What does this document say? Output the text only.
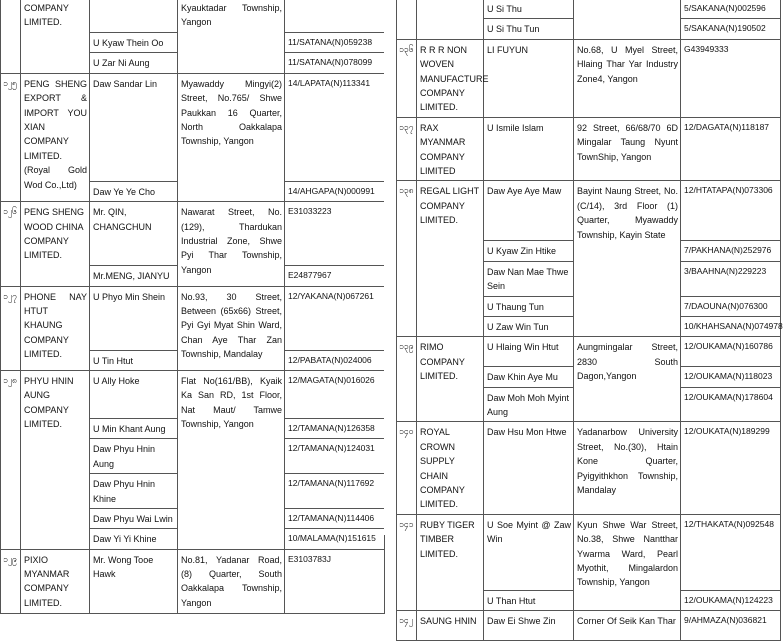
	COMPANY LIMITED.		Kyauktadar Township, Yangon	
		U Kyaw Thein Oo		11/SATANA(N)059238
		U Zar Ni Aung		11/SATANA(N)078099
၁၂၅	PENG SHENG EXPORT & IMPORT YOU XIAN COMPANY LIMITED.(Royal Gold Wod Co.,Ltd)	Daw Sandar Lin	Myawaddy Mingyi(2) Street, No.765/ Shwe Paukkan 16 Quarter, North Oakkalapa Township, Yangon	14/LAPATA(N)113341
		Daw Ye Ye Cho		14/AHGAPA(N)000991
၁၂၆	PENG SHENG WOOD CHINA COMPANY LIMITED.	Mr. QIN, CHANGCHUN	Nawarat Street, No. (129), Thardukan Industrial Zone, Shwe Pyi Thar Township, Yangon	E31033223
		Mr.MENG, JIANYU		E24877967
၁၂၇	PHONE NAY HTUT KHAUNG COMPANY LIMITED.	U Phyo Min Shein	No.93, 30 Street, Between (65x66) Street, Pyi Gyi Myat Shin Ward, Chan Aye Thar Zan Township, Mandalay	12/YAKANA(N)067261
		U Tin Htut		12/PABATA(N)024006
၁၂၈	PHYU HNIN AUNG COMPANY LIMITED.	U Ally Hoke	Flat No(161/BB), Kyaik Ka San RD, 1st Floor, Nat Maut/ Tamwe Township, Yangon	12/MAGATA(N)016026
		U Min Khant Aung		12/TAMANA(N)126358
		Daw Phyu Hnin Aung		12/TAMANA(N)124031
		Daw Phyu Hnin Khine		12/TAMANA(N)117692
		Daw Phyu Wai Lwin		12/TAMANA(N)114406
		Daw Yi Yi Khine		10/MALAMA(N)151615
၁၂၉	PIXIO MYANMAR COMPANY LIMITED.	Mr. Wong Tooe Hawk	No.81, Yadanar Road, (8) Quarter, South Oakkalapa Township, Yangon	E3103783J
		U Si Thu		5/SAKANA(N)002596
		U Si Thu Tun		5/SAKANA(N)190502
၁၃၆	R R R NON WOVEN MANUFACTURE COMPANY LIMITED.	LI FUYUN	No.68, U Myel Street, Hlaing Thar Yar Industry Zone4, Yangon	G43949333
၁၃၇	RAX MYANMAR COMPANY LIMITED	U Ismile Islam	92 Street, 66/68/70 6D Mingalar Taung Nyunt TownShip, Yangon	12/DAGATA(N)118187
၁၃၈	REGAL LIGHT COMPANY LIMITED.	Daw Aye Aye Maw	Bayint Naung Street, No.(C/14), 3rd Floor (1) Quarter, Myawaddy Township, Kayin State	12/HTATAPA(N)073306
		U Kyaw Zin Htike		7/PAKHANA(N)252976
		Daw Nan Mae Thwe Sein		3/BAAHNA(N)229223
		U Thaung Tun		7/DAOUNA(N)076300
		U Zaw Win Tun		10/KHAHSANA(N)074978
၁၃၉	RIMO COMPANY LIMITED.	U Hlaing Win Htut	Aungmingalar Street, 2830 South Dagon,Yangon	12/OUKAMA(N)160786
		Daw Khin Aye Mu		12/OUKAMA(N)118023
		Daw Moh Moh Myint Aung		12/OUKAMA(N)178604
၁၄၀	ROYAL CROWN SUPPLY CHAIN COMPANY LIMITED.	Daw Hsu Mon Htwe	Yadanarbow University Street, No.(30), Htain Kone Quarter, Pyigyithkhon Township, Mandalay	12/OUKATA(N)189299
၁၄၁	RUBY TIGER TIMBER LIMITED.	U Soe Myint @ Zaw Win	Kyun Shwe War Street, No.38, Shwe Nantthar Ywarma Ward, Pearl Myothit, Mingalardon Township, Yangon	12/THAKATA(N)092548
		U Than Htut		12/OUKAMA(N)124223
၁၄၂	SAUNG HNIN	Daw Ei Shwe Zin	Corner Of Seik Kan Thar	9/AHMAZA(N)036821
